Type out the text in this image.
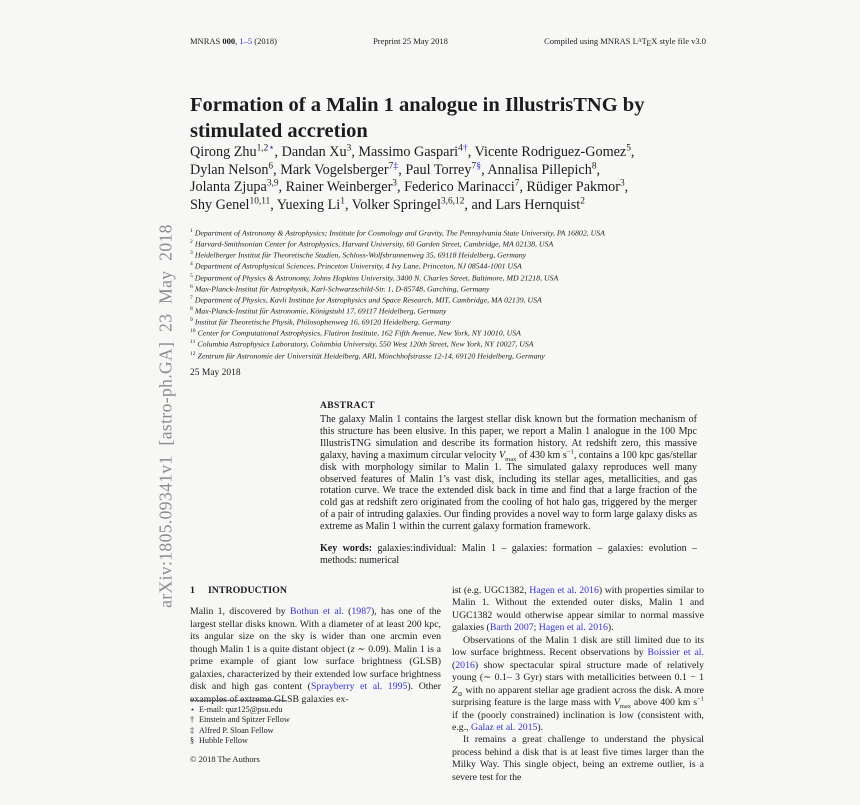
MNRAS 000, 1–5 (2018)	Preprint 25 May 2018	Compiled using MNRAS $L^ATEX$ style file v3.0
Formation of a Malin 1 analogue in IllustrisTNG by stimulated accretion
Qirong Zhu$^{1,2⋆}$, Dandan Xu$^3$, Massimo Gaspari$^{4\dagger}$, Vicente Rodriguez-Gomez$^5$,
Dylan Nelson$^6$, Mark Vogelsberger$^{7\ddagger}$, Paul Torrey$^{7\S}$, Annalisa Pillepich$^8$,
Jolanta Zjupa$^{3,9}$, Rainer Weinberger$^3$, Federico Marinacci$^7$, Rüdiger Pakmor$^3$,
Shy Genel$^{10,11}$, Yuexing Li$^1$, Volker Springel$^{3,6,12}$, and Lars Hernquist$^2$
$^1$ Department of Astronomy & Astrophysics; Institute for Cosmology and Gravity, The Pennsylvania State University, PA 16802, USA
$^2$ Harvard-Smithsonian Center for Astrophysics, Harvard University, 60 Garden Street, Cambridge, MA 02138, USA
$^3$ Heidelberger Institut für Theoretische Studien, Schloss-Wolfsbrunnenweg 35, 69118 Heidelberg, Germany
$^4$ Department of Astrophysical Sciences, Princeton University, 4 Ivy Lane, Princeton, NJ 08544-1001 USA
$^5$ Department of Physics & Astronomy, Johns Hopkins University, 3400 N. Charles Street, Baltimore, MD 21218, USA
$^6$ Max-Planck-Institut für Astrophysik, Karl-Schwarzschild-Str. 1, D-85748, Garching, Germany
$^7$ Department of Physics, Kavli Institute for Astrophysics and Space Research, MIT, Cambridge, MA 02139, USA
$^8$ Max-Planck-Institut für Astronomie, Königstuhl 17, 69117 Heidelberg, Germany
$^9$ Institut für Theoretische Physik, Philosophenweg 16, 69120 Heidelberg, Germany
$^{10}$ Center for Computational Astrophysics, Flatiron Institute, 162 Fifth Avenue, New York, NY 10010, USA
$^{11}$ Columbia Astrophysics Laboratory, Columbia University, 550 West 120th Street, New York, NY 10027, USA
$^{12}$ Zentrum für Astronomie der Universität Heidelberg, ARI, Mönchhofstrasse 12-14, 69120 Heidelberg, Germany
25 May 2018
ABSTRACT
The galaxy Malin 1 contains the largest stellar disk known but the formation mechanism of this structure has been elusive. In this paper, we report a Malin 1 analogue in the 100 Mpc IllustrisTNG simulation and describe its formation history. At redshift zero, this massive galaxy, having a maximum circular velocity $V_{max}$ of 430 km $s^{-1}$, contains a 100 kpc gas/stellar disk with morphology similar to Malin 1. The simulated galaxy reproduces well many observed features of Malin 1’s vast disk, including its stellar ages, metallicities, and gas rotation curve. We trace the extended disk back in time and find that a large fraction of the cold gas at redshift zero originated from the cooling of hot halo gas, triggered by the merger of a pair of intruding galaxies. Our finding provides a novel way to form large galaxy disks as extreme as Malin 1 within the current galaxy formation framework.
Key words: galaxies:individual: Malin 1 – galaxies: formation – galaxies: evolution – methods: numerical
1 INTRODUCTION
Malin 1, discovered by Bothun et al. (1987), has one of the largest stellar disks known. With a diameter of at least 200 kpc, its angular size on the sky is wider than one arcmin even though Malin 1 is a quite distant object (z ∼ 0.09). Malin 1 is a prime example of giant low surface brightness (GLSB) galaxies, characterized by their extended low surface brightness disk and high gas content (Sprayberry et al. 1995). Other examples of extreme GLSB galaxies ex-

ist (e.g. UGC1382, Hagen et al. 2016) with properties similar to Malin 1. Without the extended outer disks, Malin 1 and UGC1382 would otherwise appear similar to normal massive galaxies (Barth 2007; Hagen et al. 2016).

Observations of the Malin 1 disk are still limited due to its low surface brightness. Recent observations by Boissier et al. (2016) show spectacular spiral structure made of relatively young (∼ 0.1– 3 Gyr) stars with metallicities between 0.1 − 1 $Z_⊙$ with no apparent stellar age gradient across the disk. A more surprising feature is the large mass with $V_{max}$ above 400 km $s^{-1}$ if the (poorly constrained) inclination is low (consistent with, e.g., Galaz et al. 2015).

It remains a great challenge to understand the physical process behind a disk that is at least five times larger than the Milky Way. This single object, being an extreme outlier, is a severe test for the

⋆ E-mail: quz125@psu.edu
† Einstein and Spitzer Fellow
‡ Alfred P. Sloan Fellow
§ Hubble Fellow
© 2018 The Authors
arXiv:1805.09341v1 [astro-ph.GA] 23 May 2018
